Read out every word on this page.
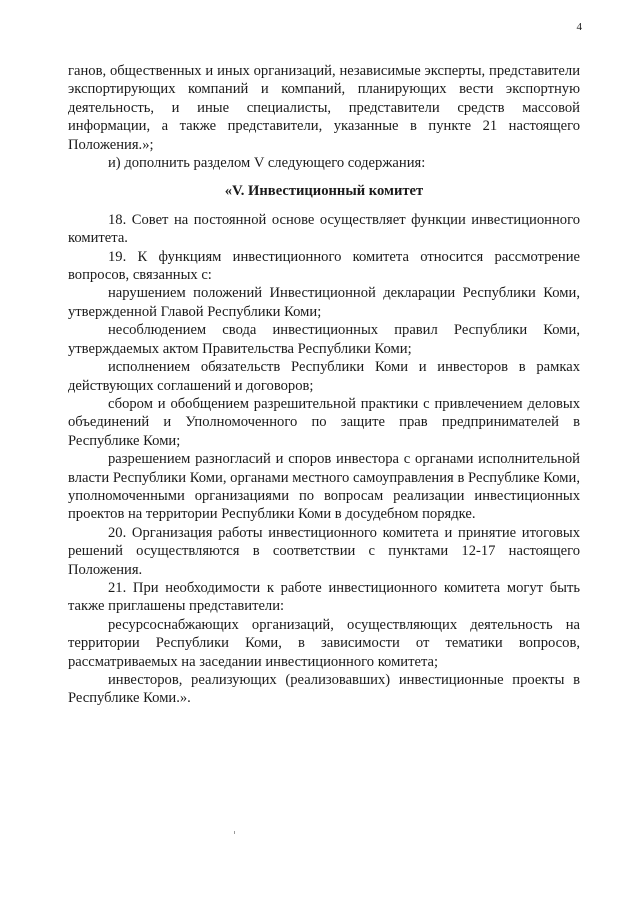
4

ганов, общественных и иных организаций, независимые эксперты, представители экспортирующих компаний и компаний, планирующих вести экспортную деятельность, и иные специалисты, представители средств массовой информации, а также представители, указанные в пункте 21 настоящего Положения.»;

и) дополнить разделом V следующего содержания:

«V. Инвестиционный комитет

18. Совет на постоянной основе осуществляет функции инвестиционного комитета.

19. К функциям инвестиционного комитета относится рассмотрение вопросов, связанных с:

нарушением положений Инвестиционной декларации Республики Коми, утвержденной Главой Республики Коми;

несоблюдением свода инвестиционных правил Республики Коми, утверждаемых актом Правительства Республики Коми;

исполнением обязательств Республики Коми и инвесторов в рамках действующих соглашений и договоров;

сбором и обобщением разрешительной практики с привлечением деловых объединений и Уполномоченного по защите прав предпринимателей в Республике Коми;

разрешением разногласий и споров инвестора с органами исполнительной власти Республики Коми, органами местного самоуправления в Республике Коми, уполномоченными организациями по вопросам реализации инвестиционных проектов на территории Республики Коми в досудебном порядке.

20. Организация работы инвестиционного комитета и принятие итоговых решений осуществляются в соответствии с пунктами 12-17 настоящего Положения.

21. При необходимости к работе инвестиционного комитета могут быть также приглашены представители:

ресурсоснабжающих организаций, осуществляющих деятельность на территории Республики Коми, в зависимости от тематики вопросов, рассматриваемых на заседании инвестиционного комитета;

инвесторов, реализующих (реализовавших) инвестиционные проекты в Республике Коми.».
